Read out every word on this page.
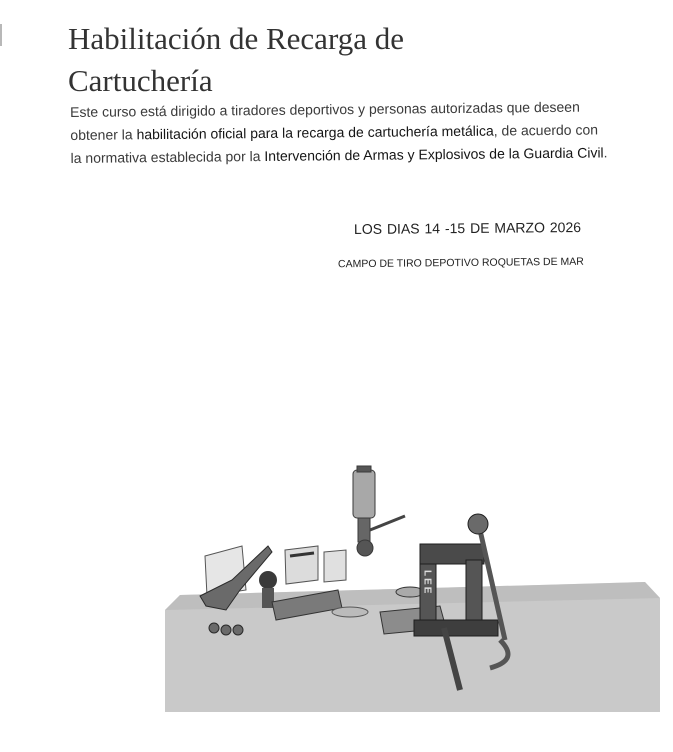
Habilitación de Recarga de
Cartuchería

Este curso está dirigido a tiradores deportivos y personas autorizadas que deseen obtener la habilitación oficial para la recarga de cartuchería metálica, de acuerdo con la normativa establecida por la Intervención de Armas y Explosivos de la Guardia Civil.

LOS DIAS 14 -15 DE MARZO 2026

CAMPO DE TIRO DEPOTIVO ROQUETAS DE MAR

LEE
